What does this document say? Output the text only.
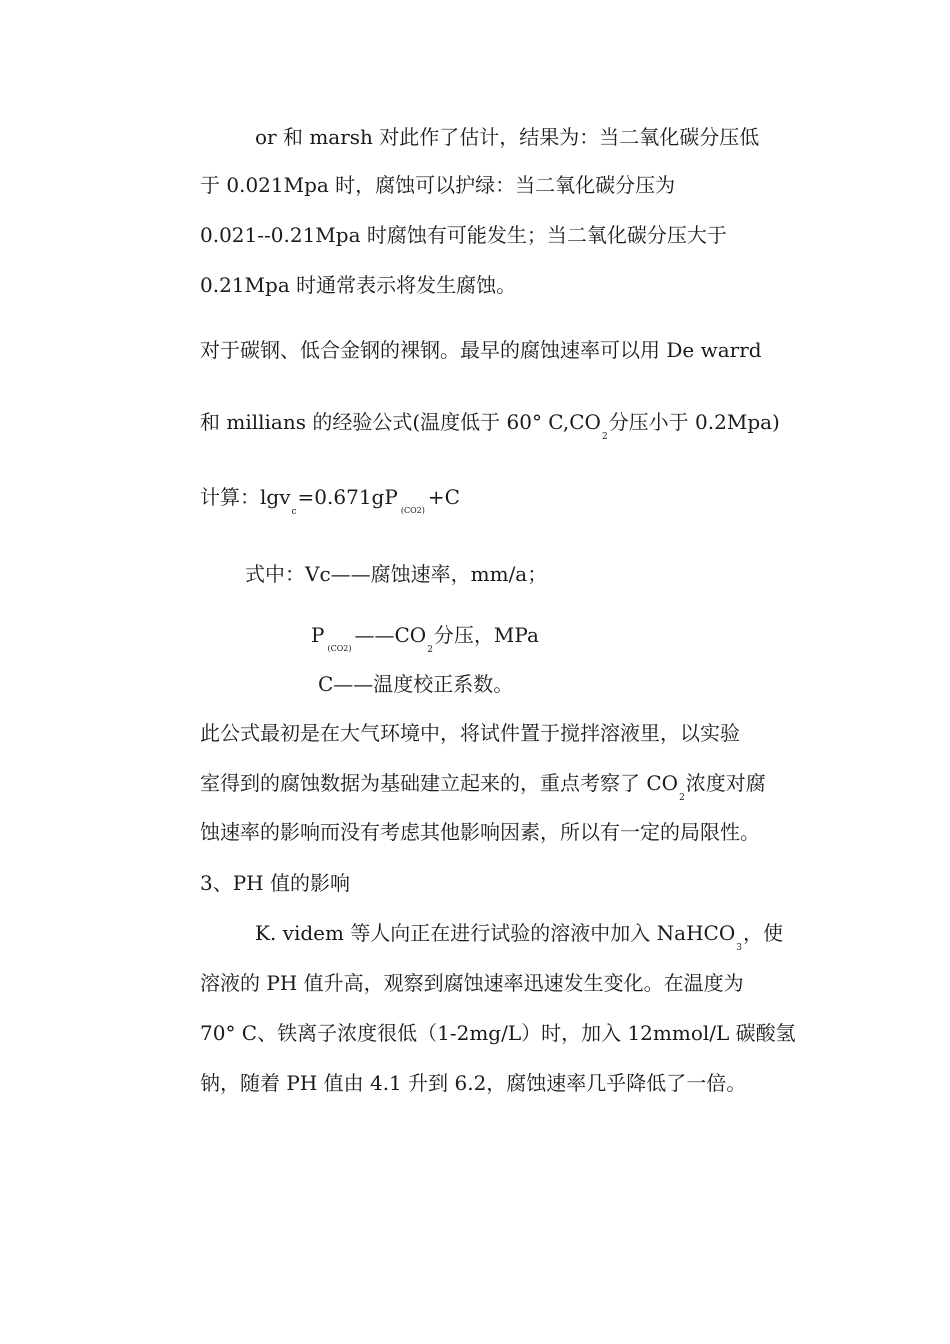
or 和 marsh 对此作了估计，结果为：当二氧化碳分压低
于 0.021Mpa 时，腐蚀可以护绿：当二氧化碳分压为
0.021--0.21Mpa 时腐蚀有可能发生；当二氧化碳分压大于
0.21Mpa 时通常表示将发生腐蚀。
对于碳钢、低合金钢的裸钢。最早的腐蚀速率可以用 De warrd
和 millians 的经验公式(温度低于 60° $C,CO_2$分压小于 0.2Mpa)
计算：$\lg v_c=0.671gP_{(CO2)}+C$
式中：Vc——腐蚀速率，mm/a；
$P_{(CO2)}——CO_2$分压，MPa
C——温度校正系数。
此公式最初是在大气环境中，将试件置于搅拌溶液里，以实验
室得到的腐蚀数据为基础建立起来的，重点考察了 $CO_2$浓度对腐
蚀速率的影响而没有考虑其他影响因素，所以有一定的局限性。
3、PH 值的影响
K. videm 等人向正在进行试验的溶液中加入 NaHCO$_3$，使
溶液的 PH 值升高，观察到腐蚀速率迅速发生变化。在温度为
70° C、铁离子浓度很低（1-2mg/L）时，加入 12mmol/L 碳酸氢
钠，随着 PH 值由 4.1 升到 6.2，腐蚀速率几乎降低了一倍。
